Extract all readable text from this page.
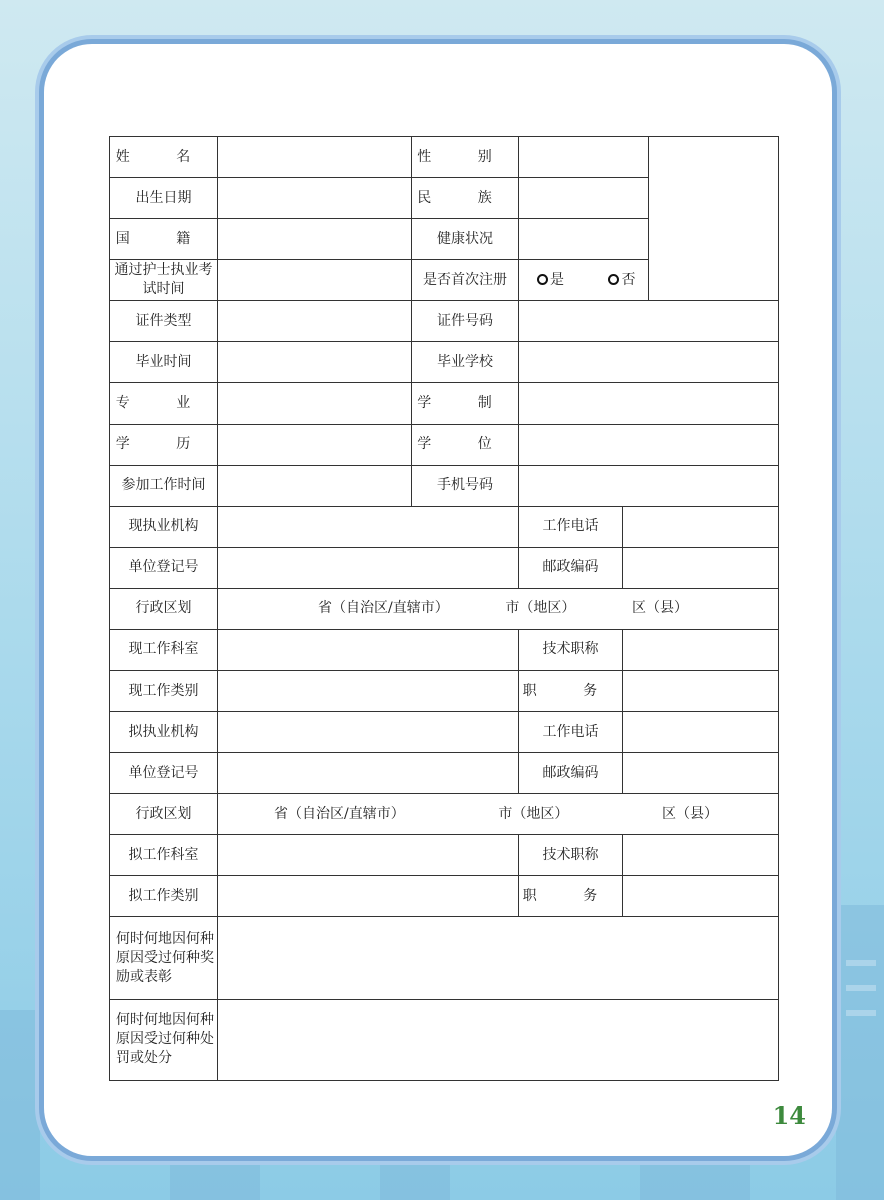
姓 名		性 别			
出生日期		民 族			
国 籍		健康状况			
通过护士执业考试时间		是否首次注册	是 否		
证件类型		证件号码			
毕业时间		毕业学校			
专 业		学 制			
学 历		学 位			
参加工作时间		手机号码			
现执业机构			工作电话		
单位登记号			邮政编码		
行政区划	省（自治区/直辖市） 市（地区） 区（县）				

现工作科室			技术职称		
现工作类别			职 务		
拟执业机构			工作电话		
单位登记号			邮政编码		
行政区划	省（自治区/直辖市） 市（地区） 区（县）				

拟工作科室			技术职称		
拟工作类别			职 务		
何时何地因何种原因受过何种奖励或表彰					
何时何地因何种原因受过何种处罚或处分					
14
